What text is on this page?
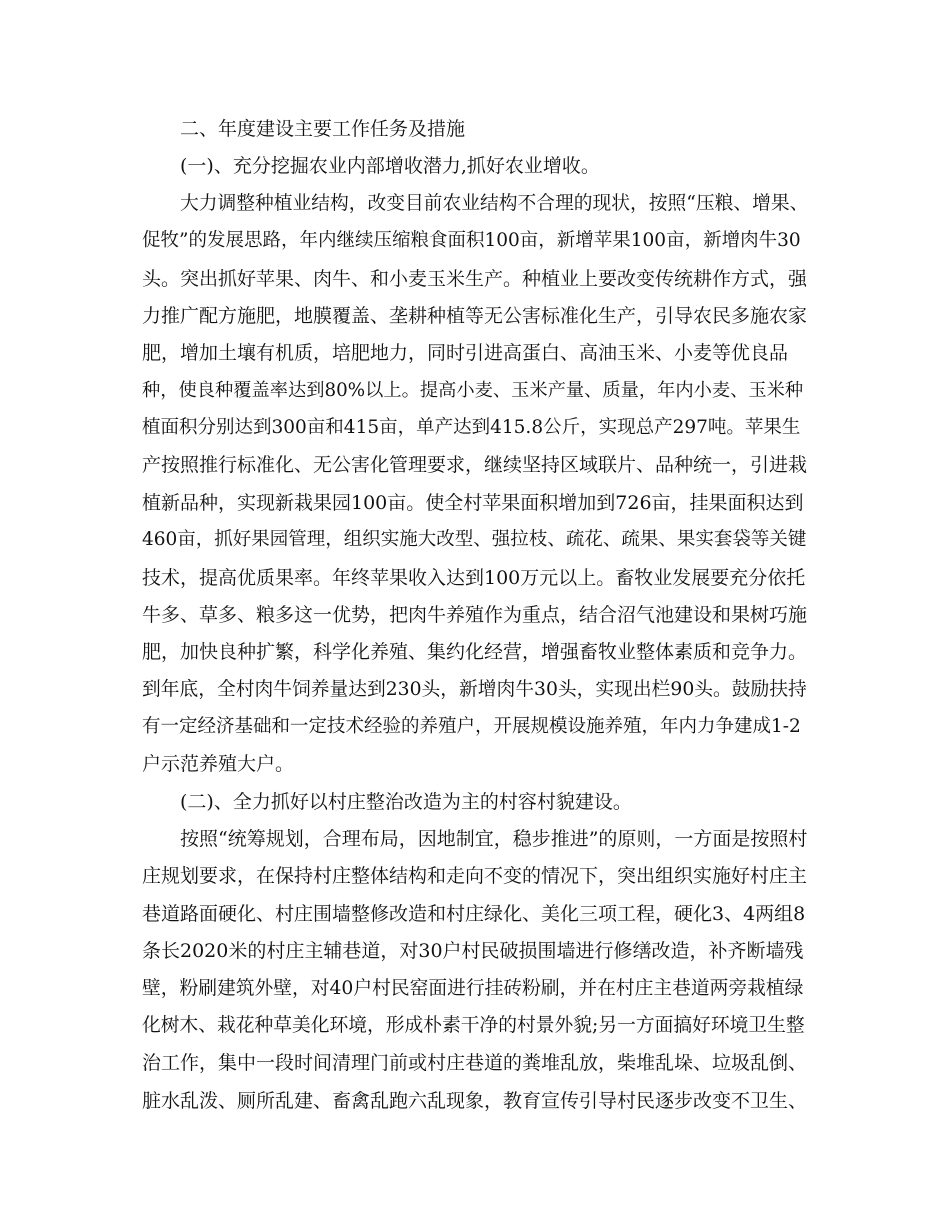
二、年度建设主要工作任务及措施
(一)、充分挖掘农业内部增收潜力,抓好农业增收。
大力调整种植业结构，改变目前农业结构不合理的现状，按照“压粮、增果、
促牧”的发展思路，年内继续压缩粮食面积100亩，新增苹果100亩，新增肉牛30
头。突出抓好苹果、肉牛、和小麦玉米生产。种植业上要改变传统耕作方式，强
力推广配方施肥，地膜覆盖、垄耕种植等无公害标准化生产，引导农民多施农家
肥，增加土壤有机质，培肥地力，同时引进高蛋白、高油玉米、小麦等优良品
种，使良种覆盖率达到80%以上。提高小麦、玉米产量、质量，年内小麦、玉米种
植面积分别达到300亩和415亩，单产达到415.8公斤，实现总产297吨。苹果生
产按照推行标准化、无公害化管理要求，继续坚持区域联片、品种统一，引进栽
植新品种，实现新栽果园100亩。使全村苹果面积增加到726亩，挂果面积达到
460亩，抓好果园管理，组织实施大改型、强拉枝、疏花、疏果、果实套袋等关键
技术，提高优质果率。年终苹果收入达到100万元以上。畜牧业发展要充分依托
牛多、草多、粮多这一优势，把肉牛养殖作为重点，结合沼气池建设和果树巧施
肥，加快良种扩繁，科学化养殖、集约化经营，增强畜牧业整体素质和竞争力。
到年底，全村肉牛饲养量达到230头，新增肉牛30头，实现出栏90头。鼓励扶持
有一定经济基础和一定技术经验的养殖户，开展规模设施养殖，年内力争建成1-2
户示范养殖大户。
(二)、全力抓好以村庄整治改造为主的村容村貌建设。
按照“统筹规划，合理布局，因地制宜，稳步推进”的原则，一方面是按照村
庄规划要求，在保持村庄整体结构和走向不变的情况下，突出组织实施好村庄主
巷道路面硬化、村庄围墙整修改造和村庄绿化、美化三项工程，硬化3、4两组8
条长2020米的村庄主辅巷道，对30户村民破损围墙进行修缮改造，补齐断墙残
壁，粉刷建筑外壁，对40户村民窑面进行挂砖粉刷，并在村庄主巷道两旁栽植绿
化树木、栽花种草美化环境，形成朴素干净的村景外貌;另一方面搞好环境卫生整
治工作，集中一段时间清理门前或村庄巷道的粪堆乱放，柴堆乱垛、垃圾乱倒、
脏水乱泼、厕所乱建、畜禽乱跑六乱现象，教育宣传引导村民逐步改变不卫生、
